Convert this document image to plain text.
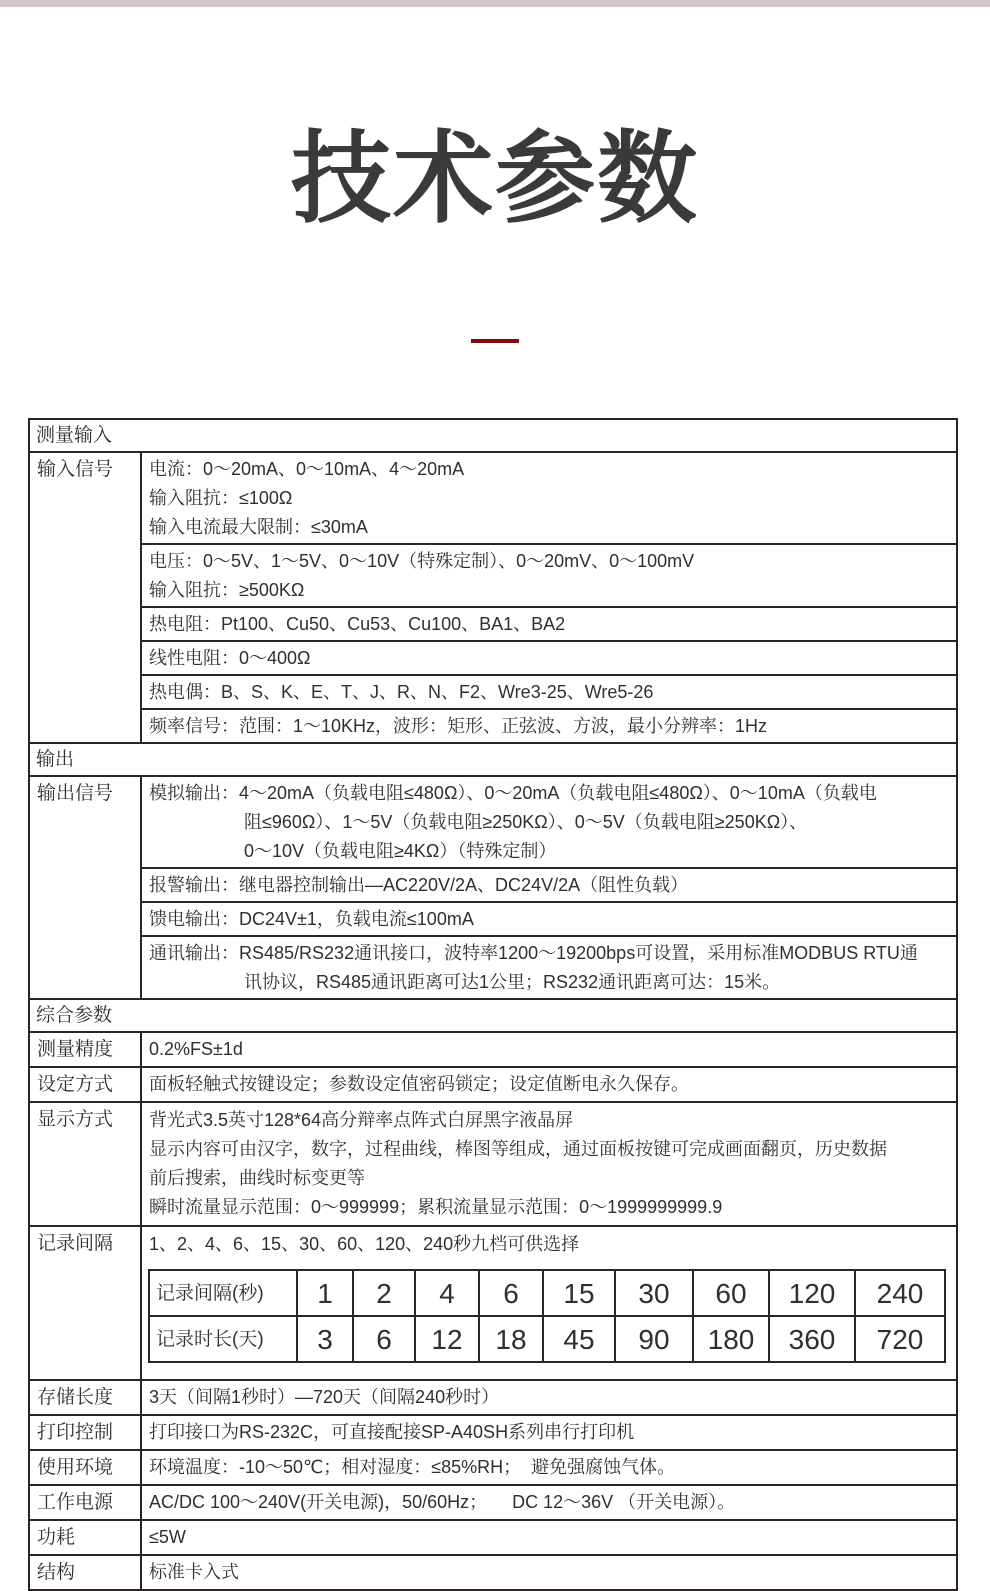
技术参数
测量输入
输入信号	电流：0～20mA、0～10mA、4～20mA
输入阻抗：≤100Ω
输入电流最大限制：≤30mA
电压：0～5V、1～5V、0～10V（特殊定制）、0～20mV、0～100mV
输入阻抗：≥500KΩ
热电阻：Pt100、Cu50、Cu53、Cu100、BA1、BA2
线性电阻：0～400Ω
热电偶：B、S、K、E、T、J、R、N、F2、Wre3-25、Wre5-26
频率信号：范围：1～10KHz，波形：矩形、正弦波、方波，最小分辨率：1Hz
输出
输出信号	模拟输出：4～20mA（负载电阻≤480Ω）、0～20mA（负载电阻≤480Ω）、0～10mA（负载电
阻≤960Ω）、1～5V（负载电阻≥250KΩ）、0～5V（负载电阻≥250KΩ）、
0～10V（负载电阻≥4KΩ）（特殊定制）
报警输出：继电器控制输出—AC220V/2A、DC24V/2A（阻性负载）
馈电输出：DC24V±1，负载电流≤100mA
通讯输出：RS485/RS232通讯接口，波特率1200～19200bps可设置，采用标准MODBUS RTU通
讯协议，RS485通讯距离可达1公里；RS232通讯距离可达：15米。
综合参数
测量精度	0.2%FS±1d
设定方式	面板轻触式按键设定；参数设定值密码锁定；设定值断电永久保存。
显示方式	背光式3.5英寸128*64高分辩率点阵式白屏黑字液晶屏
显示内容可由汉字，数字，过程曲线，棒图等组成，通过面板按键可完成画面翻页，历史数据
前后搜索，曲线时标变更等
瞬时流量显示范围：0～999999；累积流量显示范围：0～1999999999.9
记录间隔	1、2、4、6、15、30、60、120、240秒九档可供选择
记录间隔(秒)	1	2	4	6	15	30	60	120	240
记录时长(天)	3	6	12	18	45	90	180	360	720
存储长度	3天（间隔1秒时）—720天（间隔240秒时）
打印控制	打印接口为RS-232C，可直接配接SP-A40SH系列串行打印机
使用环境	环境温度：-10～50℃；相对湿度：≤85%RH；  避免强腐蚀气体。
工作电源	AC/DC 100～240V(开关电源)，50/60Hz；     DC 12～36V （开关电源）。
功耗	≤5W
结构	标准卡入式
